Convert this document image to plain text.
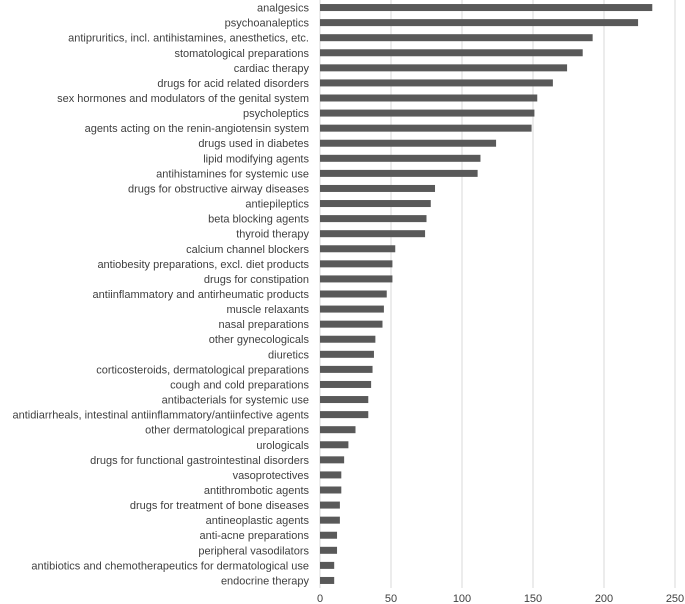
analgesics
psychoanaleptics
antipruritics, incl. antihistamines, anesthetics, etc.
stomatological preparations
cardiac therapy
drugs for acid related disorders
sex hormones and modulators of the genital system
psycholeptics
agents acting on the renin-angiotensin system
drugs used in diabetes
lipid modifying agents
antihistamines for systemic use
drugs for obstructive airway diseases
antiepileptics
beta blocking agents
thyroid therapy
calcium channel blockers
antiobesity preparations, excl. diet products
drugs for constipation
antiinflammatory and antirheumatic products
muscle relaxants
nasal preparations
other gynecologicals
diuretics
corticosteroids, dermatological preparations
cough and cold preparations
antibacterials for systemic use
antidiarrheals, intestinal antiinflammatory/antiinfective agents
other dermatological preparations
urologicals
drugs for functional gastrointestinal disorders
vasoprotectives
antithrombotic agents
drugs for treatment of bone diseases
antineoplastic agents
anti-acne preparations
peripheral vasodilators
antibiotics and chemotherapeutics for dermatological use
endocrine therapy
0	50	100	150	200	250
